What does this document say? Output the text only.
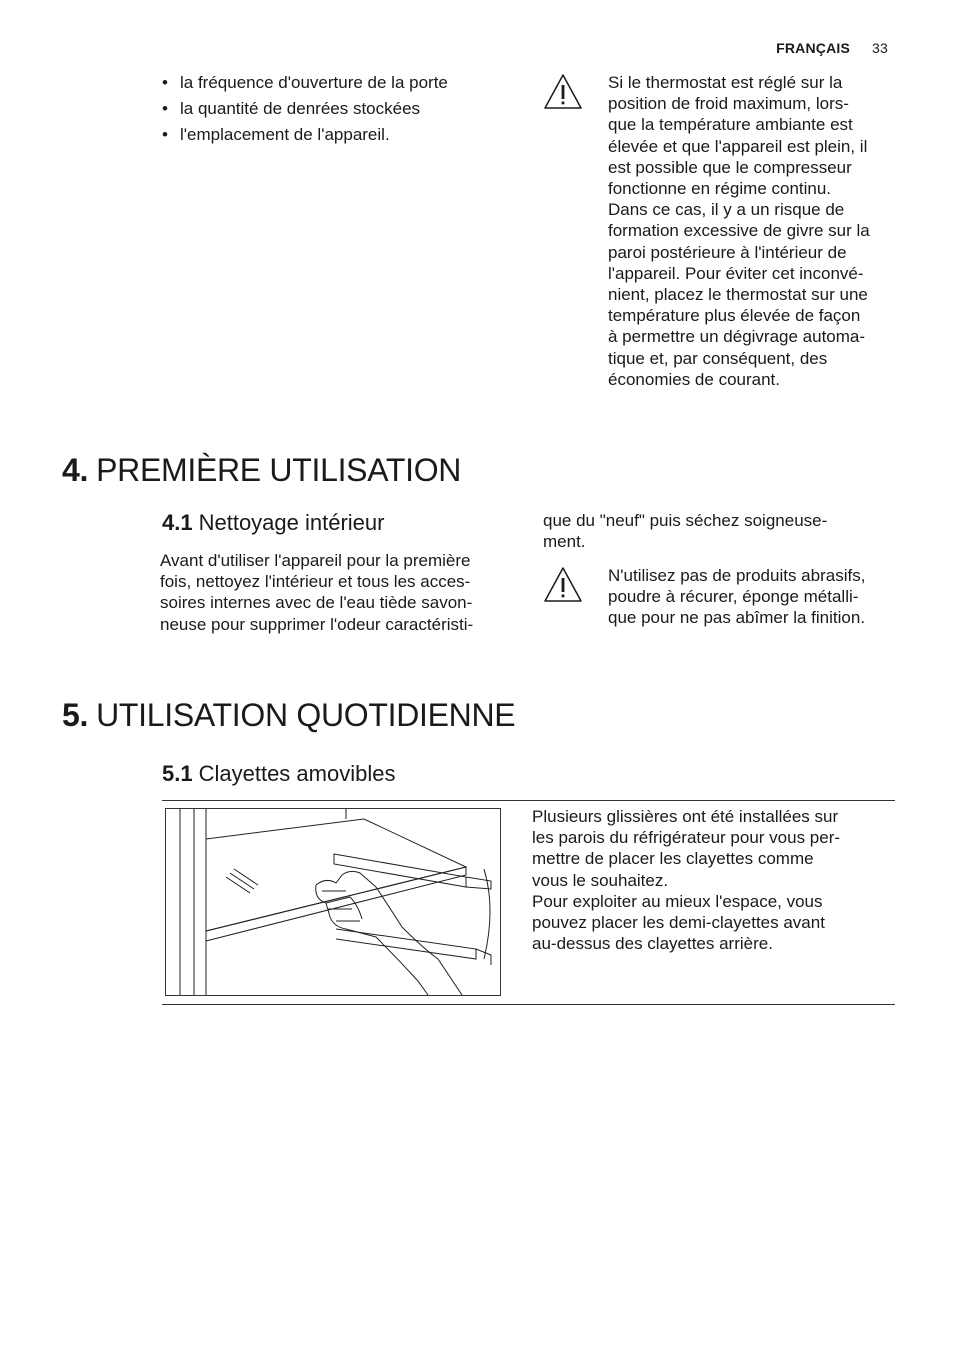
FRANÇAIS 33
• la fréquence d'ouverture de la porte
• la quantité de denrées stockées
• l'emplacement de l'appareil.
Si le thermostat est réglé sur la
position de froid maximum, lors-
que la température ambiante est
élevée et que l'appareil est plein, il
est possible que le compresseur
fonctionne en régime continu.
Dans ce cas, il y a un risque de
formation excessive de givre sur la
paroi postérieure à l'intérieur de
l'appareil. Pour éviter cet inconvé-
nient, placez le thermostat sur une
température plus élevée de façon
à permettre un dégivrage automa-
tique et, par conséquent, des
économies de courant.
4. PREMIÈRE UTILISATION
4.1 Nettoyage intérieur
Avant d'utiliser l'appareil pour la première
fois, nettoyez l'intérieur et tous les acces-
soires internes avec de l'eau tiède savon-
neuse pour supprimer l'odeur caractéristi-
que du "neuf" puis séchez soigneuse-
ment.
N'utilisez pas de produits abrasifs,
poudre à récurer, éponge métalli-
que pour ne pas abîmer la finition.
5. UTILISATION QUOTIDIENNE
5.1 Clayettes amovibles
Plusieurs glissières ont été installées sur
les parois du réfrigérateur pour vous per-
mettre de placer les clayettes comme
vous le souhaitez.
Pour exploiter au mieux l'espace, vous
pouvez placer les demi-clayettes avant
au-dessus des clayettes arrière.
